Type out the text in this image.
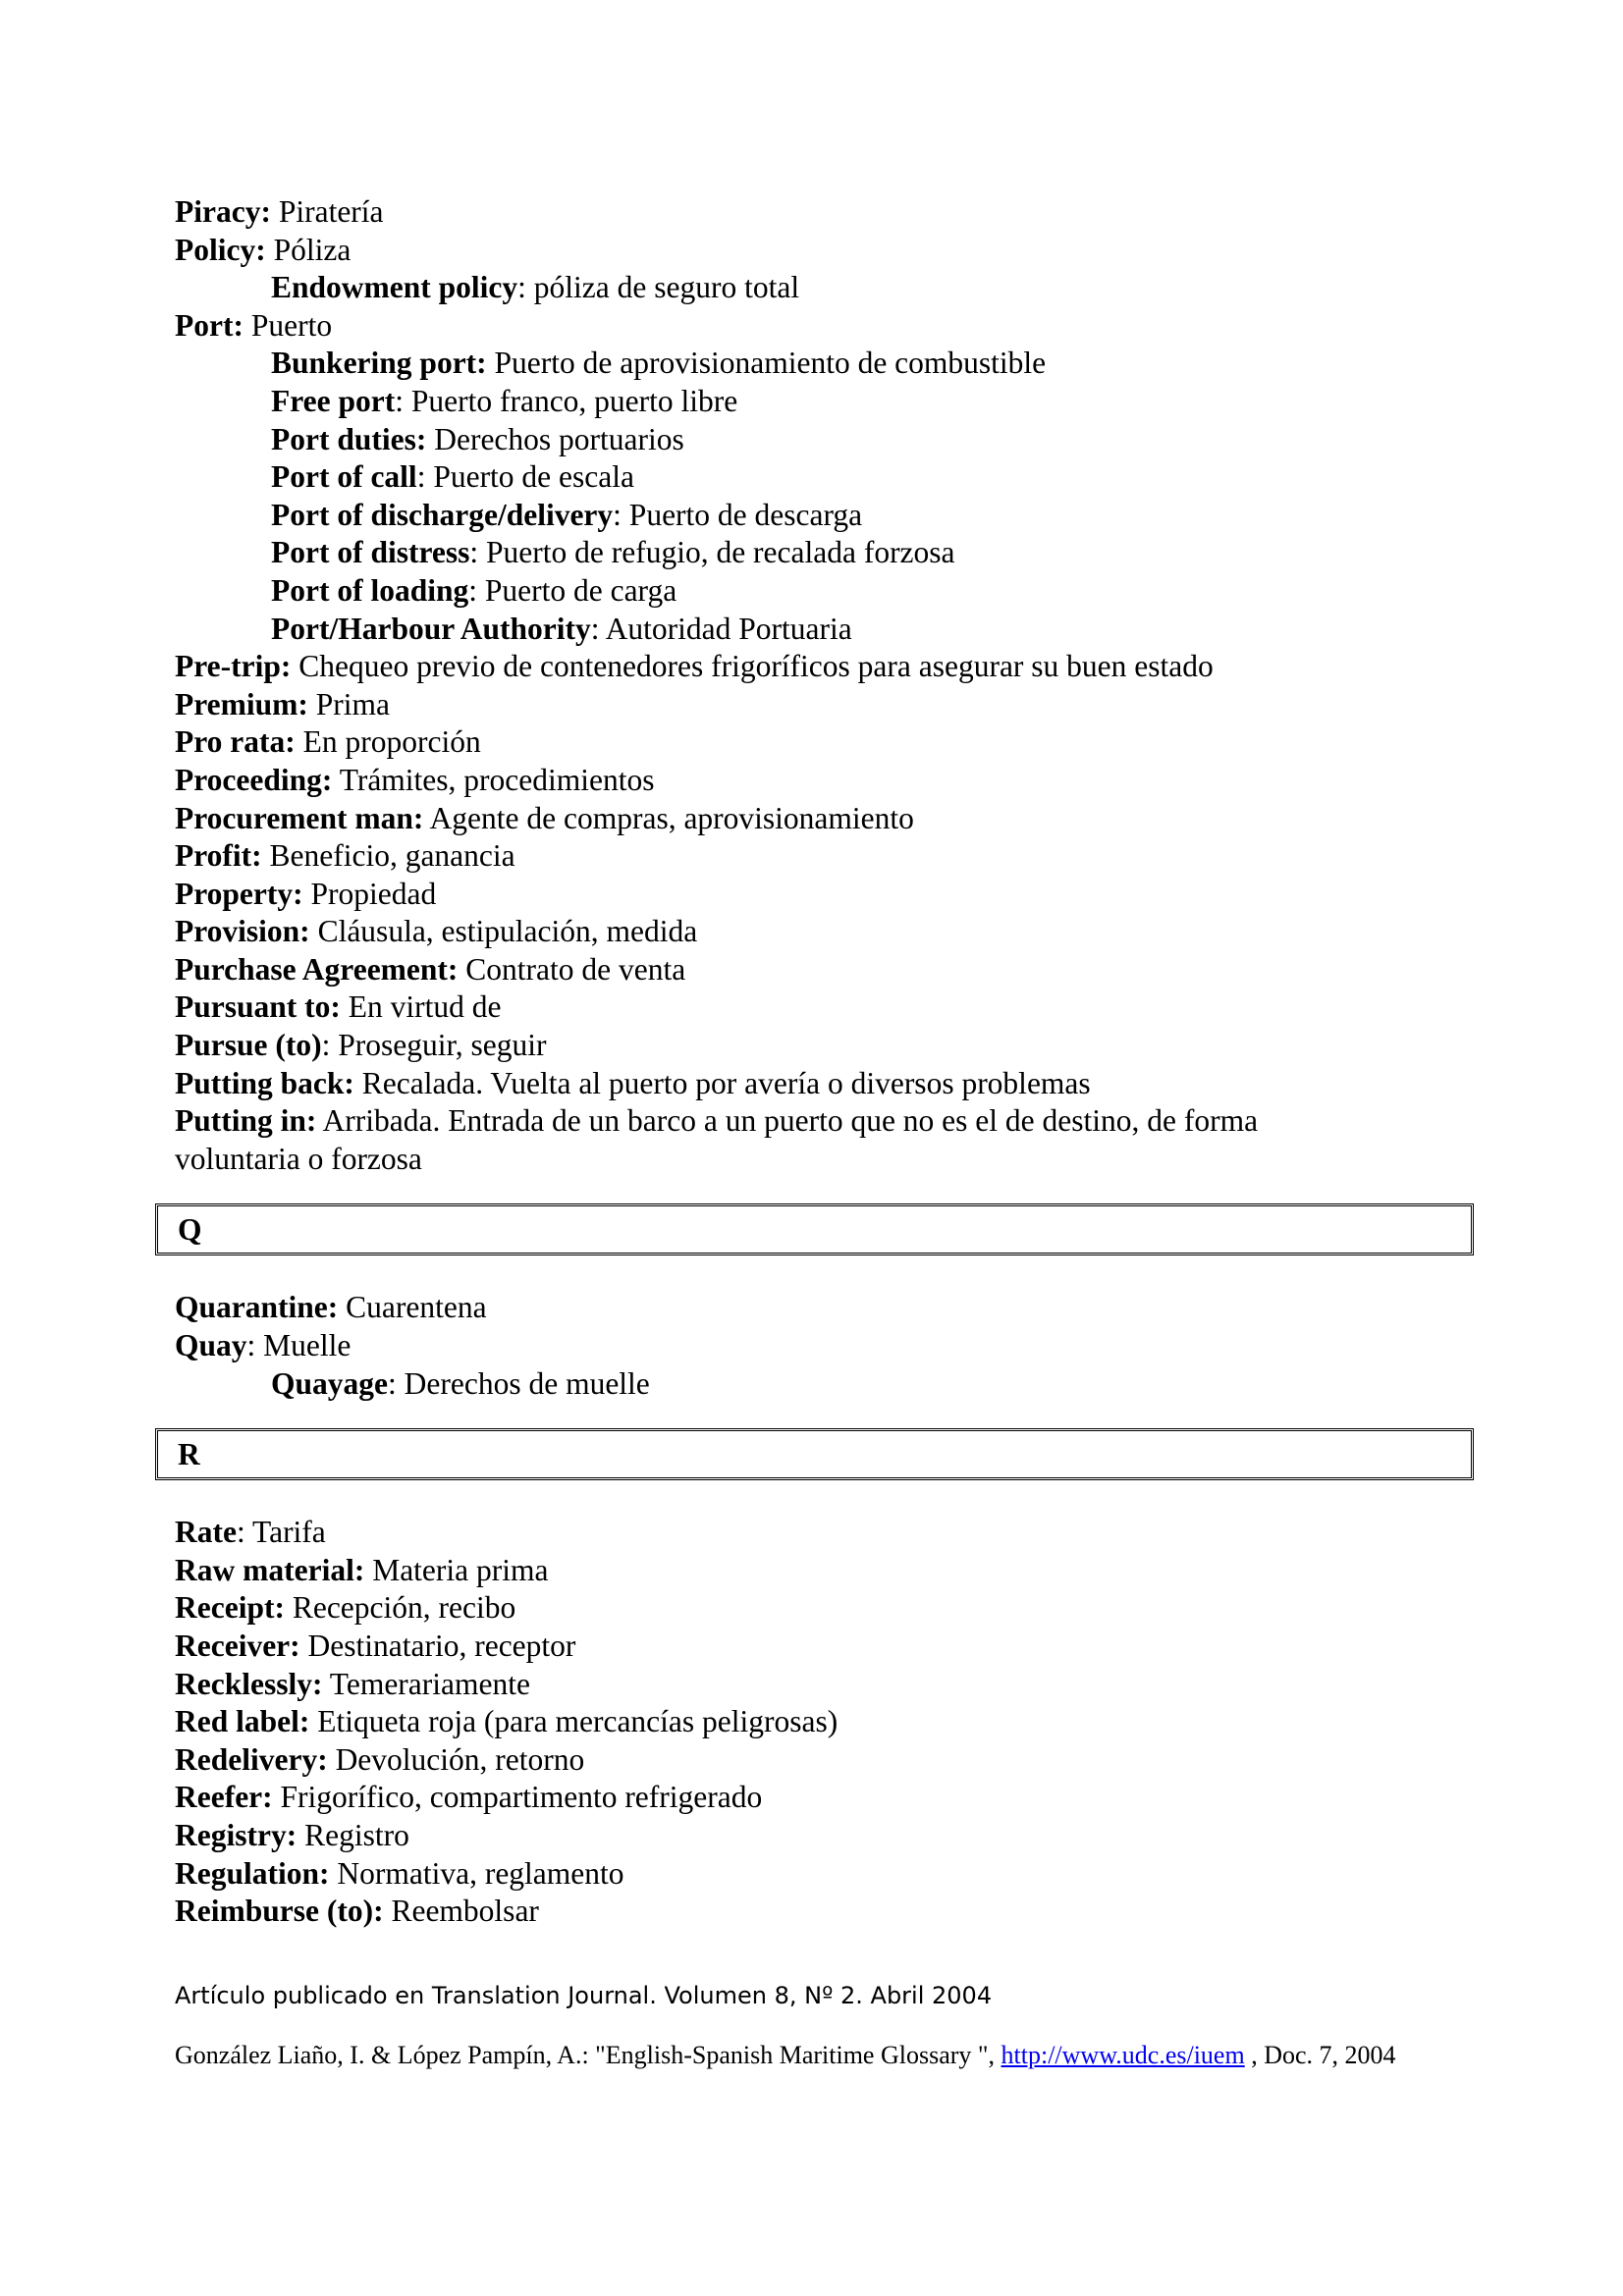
Piracy: Piratería
Policy: Póliza
Endowment policy: póliza de seguro total
Port: Puerto
Bunkering port: Puerto de aprovisionamiento de combustible
Free port: Puerto franco, puerto libre
Port duties: Derechos portuarios
Port of call: Puerto de escala
Port of discharge/delivery: Puerto de descarga
Port of distress: Puerto de refugio, de recalada forzosa
Port of loading: Puerto de carga
Port/Harbour Authority: Autoridad Portuaria
Pre-trip: Chequeo previo de contenedores frigoríficos para asegurar su buen estado
Premium: Prima
Pro rata: En proporción
Proceeding: Trámites, procedimientos
Procurement man: Agente de compras, aprovisionamiento
Profit: Beneficio, ganancia
Property: Propiedad
Provision: Cláusula, estipulación, medida
Purchase Agreement: Contrato de venta
Pursuant to: En virtud de
Pursue (to): Proseguir, seguir
Putting back: Recalada. Vuelta al puerto por avería o diversos problemas
Putting in: Arribada. Entrada de un barco a un puerto que no es el de destino, de forma voluntaria o forzosa
Q
Quarantine: Cuarentena
Quay: Muelle
Quayage: Derechos de muelle
R
Rate: Tarifa
Raw material: Materia prima
Receipt: Recepción, recibo
Receiver: Destinatario, receptor
Recklessly: Temerariamente
Red label: Etiqueta roja (para mercancías peligrosas)
Redelivery: Devolución, retorno
Reefer: Frigorífico, compartimento refrigerado
Registry: Registro
Regulation: Normativa, reglamento
Reimburse (to): Reembolsar
Artículo publicado en Translation Journal. Volumen 8, Nº 2. Abril 2004
González Liaño, I. & López Pampín, A.: "English-Spanish Maritime Glossary ", http://www.udc.es/iuem , Doc. 7, 2004
